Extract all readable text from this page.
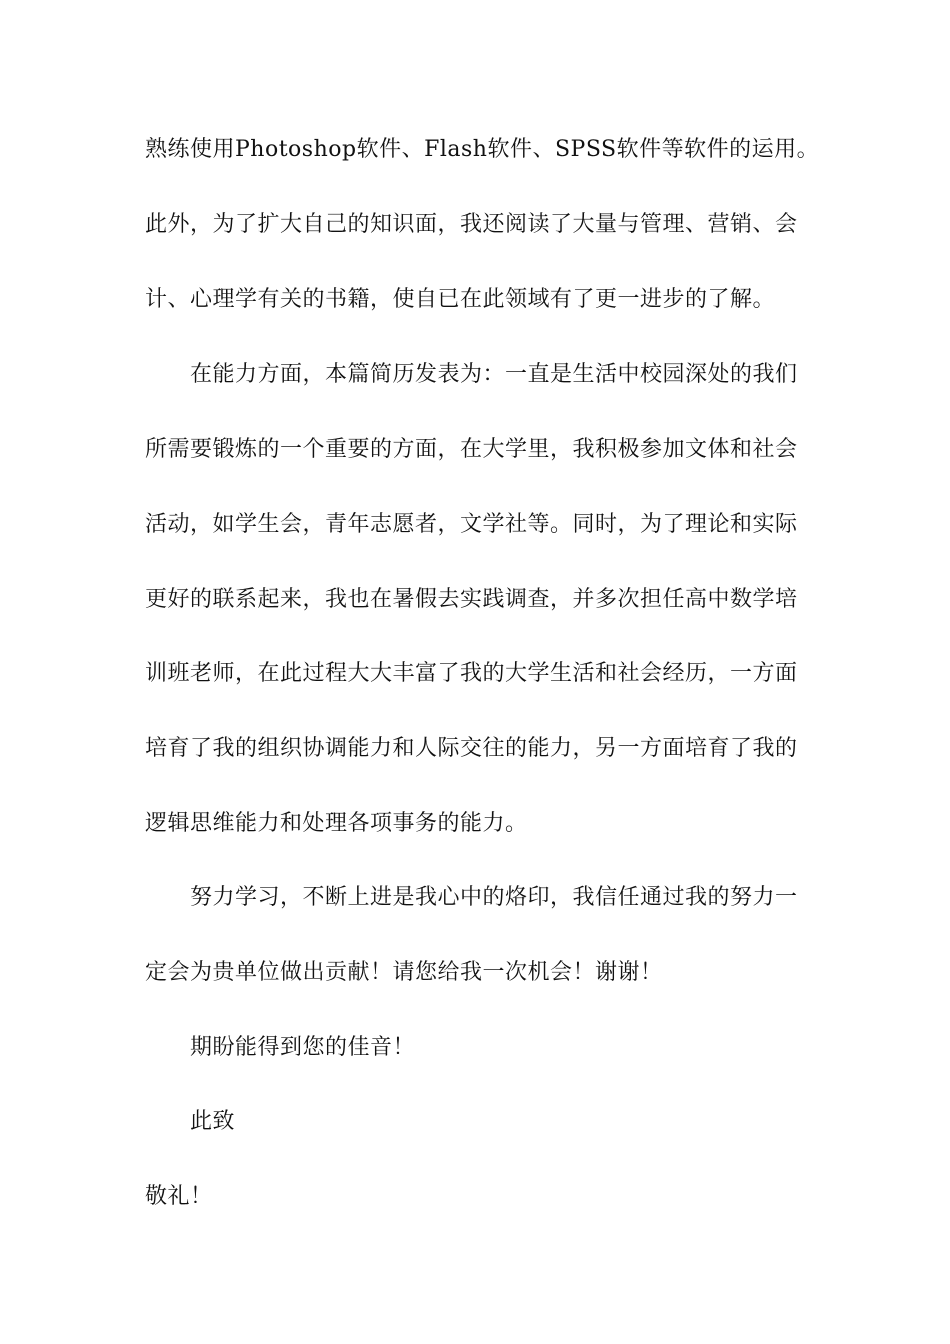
熟练使用Photoshop软件、Flash软件、SPSS软件等软件的运用。
此外，为了扩大自己的知识面，我还阅读了大量与管理、营销、会
计、心理学有关的书籍，使自已在此领域有了更一进步的了解。
在能力方面，本篇简历发表为：一直是生活中校园深处的我们
所需要锻炼的一个重要的方面，在大学里，我积极参加文体和社会
活动，如学生会，青年志愿者，文学社等。同时，为了理论和实际
更好的联系起来，我也在暑假去实践调查，并多次担任高中数学培
训班老师，在此过程大大丰富了我的大学生活和社会经历，一方面
培育了我的组织协调能力和人际交往的能力，另一方面培育了我的
逻辑思维能力和处理各项事务的能力。
努力学习，不断上进是我心中的烙印，我信任通过我的努力一
定会为贵单位做出贡献！请您给我一次机会！谢谢！
期盼能得到您的佳音！
此致
敬礼！
